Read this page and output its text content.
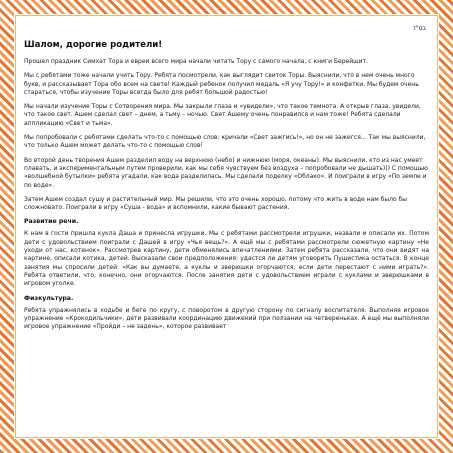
בס"ד
Шалом, дорогие родители!

Прошел праздник Симхат Тора и евреи всего мира начали читать Тору с самого начала, с книги Берейшит.

Мы с ребятами тоже начали учить Тору. Ребята посмотрели, как выглядит свиток Торы. Выяснили, что в нем очень много букв, и рассказывает Тора обо всем на свете! Каждый ребенок получил медаль «Я учу Тору!» и конфетки. Мы будем очень стараться, чтобы изучение Торы всегда было для ребят большой радостью!

Мы начали изучение Торы с Сотворения мира. Мы закрыли глаза и «увидели», что такое темнота. А открыв глаза, увидели, что такое свет. Ашем сделал свет – днем, а тьму – ночью. Свет Ашему очень понравился и нам тоже! Ребята сделали аппликацию «Свет и тьма».

Мы попробовали с ребятами сделать что-то с помощью слов: кричали «Свет зажгись!», но он не зажегся… Так мы выяснили, что только Ашем может делать что-то с помощью слов!

Во второй день творения Ашем разделил воду на верхнюю (небо) и нижнюю (моря, океаны). Мы выяснили, кто из нас умеет плавать, и экспериментальным путем проверили, как мы себя чувствуем без воздуха – попробовали не дышать))) С помощью «волшебной бутылки» ребята угадали, как вода разделилась. Мы сделали поделку «Облако». И поиграли в игру «По земле и по воде».

Затем Ашем создал сушу и растительный мир. Мы решили, что это очень хорошо, потому что жить в воде нам было бы сложновато. Поиграли в игру «Суша - вода» и вспомнили, какие бывают растения.

Развитие речи.

К нам в гости пришла кукла Даша и принесла игрушки. Мы с ребятами рассмотрели игрушки, назвали и описали их. Потом дети с удовольствием поиграли с Дашей в игру «Чья вещь?». А ещё мы с ребятами рассмотрели сюжетную картину «Не уходи от нас, котенок». Рассмотрев картину, дети обменялись впечатлениями. Затем ребята рассказали, что они видят на картине, описали котика, детей. Высказали свои предположения: удастся ли детям уговорить Пушистика остаться. В конце занятия мы спросили детей: «Как вы думаете, а куклы и зверюшки огорчаются, если дети перестают с ними играть?». Ребята ответили, что, конечно, они огорчаются. После занятия дети с удовольствием играли с куклами и зверюшками в игровом уголке.

Физкультура.

Ребята упражнялись в ходьбе и беге по кругу, с поворотом в другую сторону по сигналу воспитателя. Выполняя игровое упражнение «Крокодильчики», дети развивали координацию движений при ползании на четвереньках. А ещё мы выполняли игровое упражнение «Пройди – не задень», которое развивает
